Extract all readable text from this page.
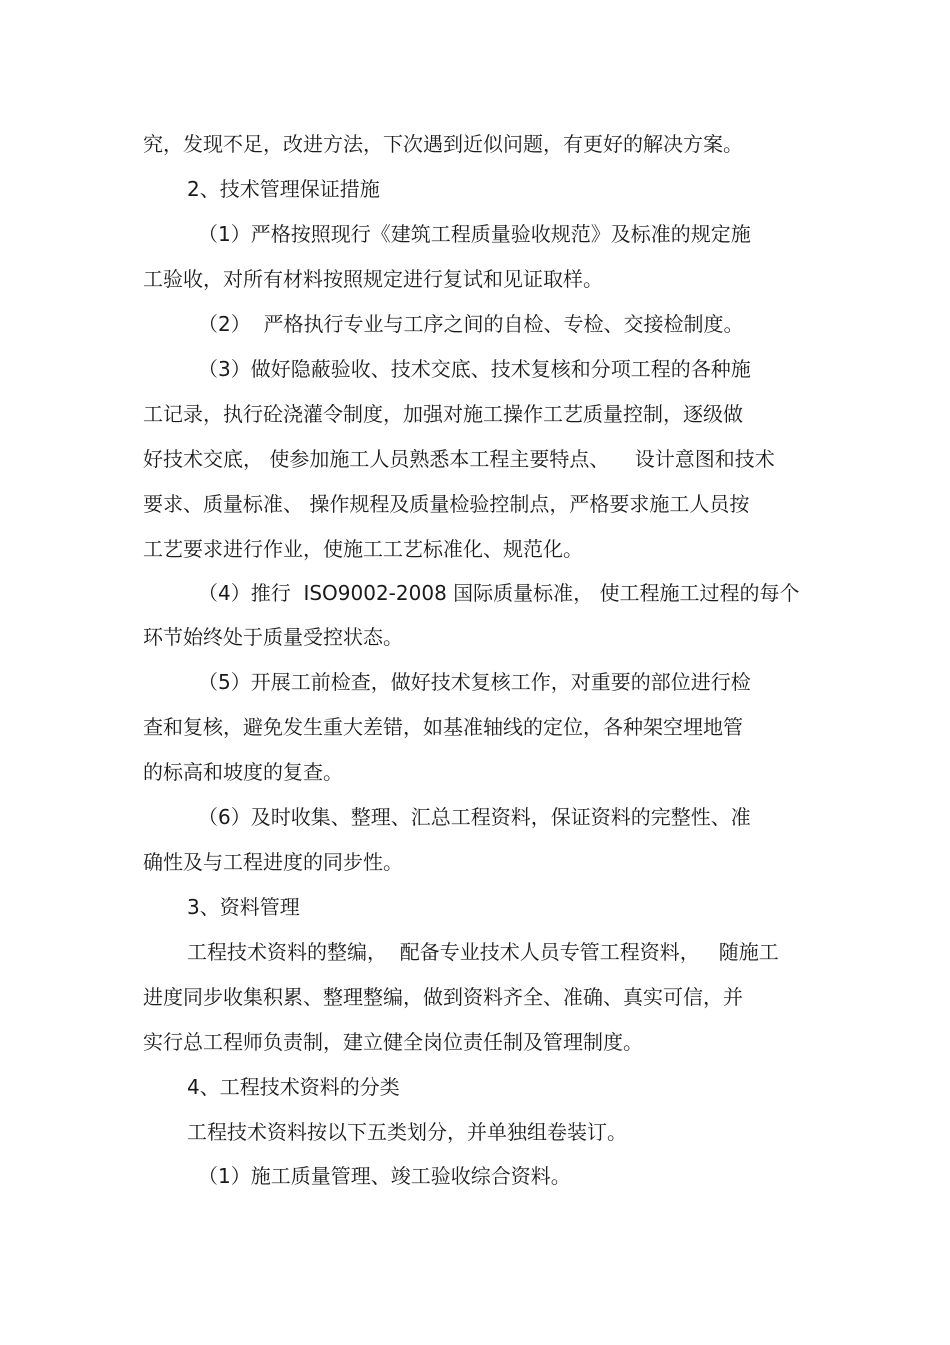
究，发现不足，改进方法，下次遇到近似问题，有更好的解决方案。
2、技术管理保证措施
（1）严格按照现行《建筑工程质量验收规范》及标准的规定施
工验收，对所有材料按照规定进行复试和见证取样。
（2）  严格执行专业与工序之间的自检、专检、交接检制度。
（3）做好隐蔽验收、技术交底、技术复核和分项工程的各种施
工记录，执行砼浇灌令制度，加强对施工操作工艺质量控制，逐级做
好技术交底， 使参加施工人员熟悉本工程主要特点、    设计意图和技术
要求、质量标准、 操作规程及质量检验控制点，严格要求施工人员按
工艺要求进行作业，使施工工艺标准化、规范化。
（4）推行  ISO9002-2008 国际质量标准， 使工程施工过程的每个
环节始终处于质量受控状态。
（5）开展工前检查，做好技术复核工作，对重要的部位进行检
查和复核，避免发生重大差错，如基准轴线的定位，各种架空埋地管
的标高和坡度的复查。
（6）及时收集、整理、汇总工程资料，保证资料的完整性、准
确性及与工程进度的同步性。
3、资料管理
工程技术资料的整编，  配备专业技术人员专管工程资料，   随施工
进度同步收集积累、整理整编，做到资料齐全、准确、真实可信，并
实行总工程师负责制，建立健全岗位责任制及管理制度。
4、工程技术资料的分类
工程技术资料按以下五类划分，并单独组卷装订。
（1）施工质量管理、竣工验收综合资料。
